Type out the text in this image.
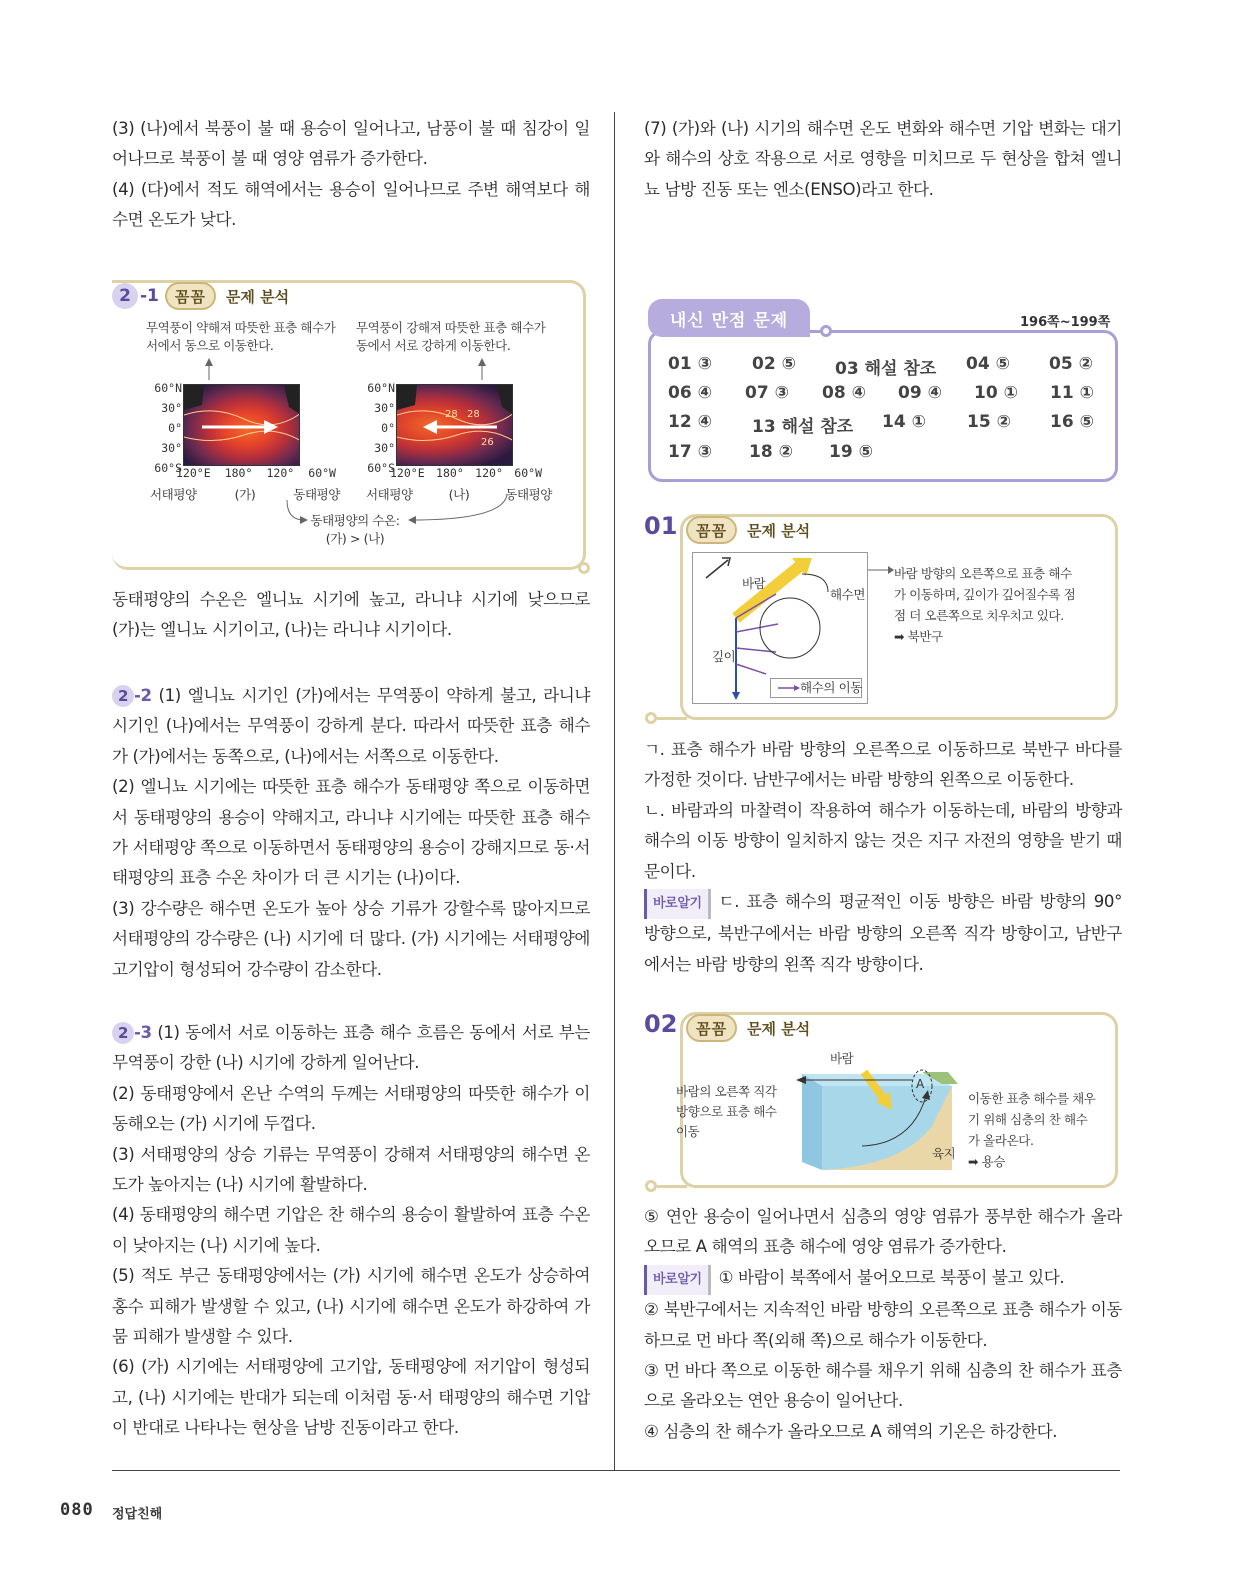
(3) (나)에서 북풍이 불 때 용승이 일어나고, 남풍이 불 때 침강이 일어나므로 북풍이 불 때 영양 염류가 증가한다.

(4) (다)에서 적도 해역에서는 용승이 일어나므로 주변 해역보다 해수면 온도가 낮다.

2 -1	꼼꼼	문제 분석
무역풍이 약해져 따뜻한 표층 해수가 서에서 동으로 이동한다.
무역풍이 강해져 따뜻한 표층 해수가 동에서 서로 강하게 이동한다.
60°N
30°
0°
30°
60°S
120°E 180° 120° 60°W
서태평양	(가)	동태평양
60°N
30°
0°
30°
60°S
28 28
26
120°E 180° 120° 60°W
서태평양	(나)	동태평양
동태평양의 수온:
(가) > (나)
동태평양의 수온은 엘니뇨 시기에 높고, 라니냐 시기에 낮으므로 (가)는 엘니뇨 시기이고, (나)는 라니냐 시기이다.

2 -2 (1) 엘니뇨 시기인 (가)에서는 무역풍이 약하게 불고, 라니냐 시기인 (나)에서는 무역풍이 강하게 분다. 따라서 따뜻한 표층 해수가 (가)에서는 동쪽으로, (나)에서는 서쪽으로 이동한다.

(2) 엘니뇨 시기에는 따뜻한 표층 해수가 동태평양 쪽으로 이동하면서 동태평양의 용승이 약해지고, 라니냐 시기에는 따뜻한 표층 해수가 서태평양 쪽으로 이동하면서 동태평양의 용승이 강해지므로 동·서태평양의 표층 수온 차이가 더 큰 시기는 (나)이다.

(3) 강수량은 해수면 온도가 높아 상승 기류가 강할수록 많아지므로 서태평양의 강수량은 (나) 시기에 더 많다. (가) 시기에는 서태평양에 고기압이 형성되어 강수량이 감소한다.

2 -3 (1) 동에서 서로 이동하는 표층 해수 흐름은 동에서 서로 부는 무역풍이 강한 (나) 시기에 강하게 일어난다.

(2) 동태평양에서 온난 수역의 두께는 서태평양의 따뜻한 해수가 이동해오는 (가) 시기에 두껍다.

(3) 서태평양의 상승 기류는 무역풍이 강해져 서태평양의 해수면 온도가 높아지는 (나) 시기에 활발하다.

(4) 동태평양의 해수면 기압은 찬 해수의 용승이 활발하여 표층 수온이 낮아지는 (나) 시기에 높다.

(5) 적도 부근 동태평양에서는 (가) 시기에 해수면 온도가 상승하여 홍수 피해가 발생할 수 있고, (나) 시기에 해수면 온도가 하강하여 가뭄 피해가 발생할 수 있다.

(6) (가) 시기에는 서태평양에 고기압, 동태평양에 저기압이 형성되고, (나) 시기에는 반대가 되는데 이처럼 동·서 태평양의 해수면 기압이 반대로 나타나는 현상을 남방 진동이라고 한다.

(7) (가)와 (나) 시기의 해수면 온도 변화와 해수면 기압 변화는 대기와 해수의 상호 작용으로 서로 영향을 미치므로 두 현상을 합쳐 엘니뇨 남방 진동 또는 엔소(ENSO)라고 한다.
내신 만점 문제	196쪽~199쪽
01 ③ 02 ⑤ 03 해설 참조 04 ⑤ 05 ②
06 ④ 07 ③ 08 ④ 09 ④ 10 ① 11 ①
12 ④ 13 해설 참조 14 ① 15 ② 16 ⑤
17 ③ 18 ② 19 ⑤
01	꼼꼼	문제 분석
바람
해수면
깊이
해수의 이동
바람 방향의 오른쪽으로 표층 해수가 이동하며, 깊이가 깊어질수록 점점 더 오른쪽으로 치우치고 있다. ➡ 북반구

ㄱ. 표층 해수가 바람 방향의 오른쪽으로 이동하므로 북반구 바다를 가정한 것이다. 남반구에서는 바람 방향의 왼쪽으로 이동한다.

ㄴ. 바람과의 마찰력이 작용하여 해수가 이동하는데, 바람의 방향과 해수의 이동 방향이 일치하지 않는 것은 지구 자전의 영향을 받기 때문이다.

바로알기 ㄷ. 표층 해수의 평균적인 이동 방향은 바람 방향의 90° 방향으로, 북반구에서는 바람 방향의 오른쪽 직각 방향이고, 남반구에서는 바람 방향의 왼쪽 직각 방향이다.

02	꼼꼼	문제 분석
바람
A
육지
바람의 오른쪽 직각 방향으로 표층 해수 이동
이동한 표층 해수를 채우기 위해 심층의 찬 해수가 올라온다.
➡ 용승

⑤ 연안 용승이 일어나면서 심층의 영양 염류가 풍부한 해수가 올라오므로 A 해역의 표층 해수에 영양 염류가 증가한다.

바로알기 ① 바람이 북쪽에서 불어오므로 북풍이 불고 있다.

② 북반구에서는 지속적인 바람 방향의 오른쪽으로 표층 해수가 이동하므로 먼 바다 쪽(외해 쪽)으로 해수가 이동한다.

③ 먼 바다 쪽으로 이동한 해수를 채우기 위해 심층의 찬 해수가 표층으로 올라오는 연안 용승이 일어난다.

④ 심층의 찬 해수가 올라오므로 A 해역의 기온은 하강한다.

080 정답친해
